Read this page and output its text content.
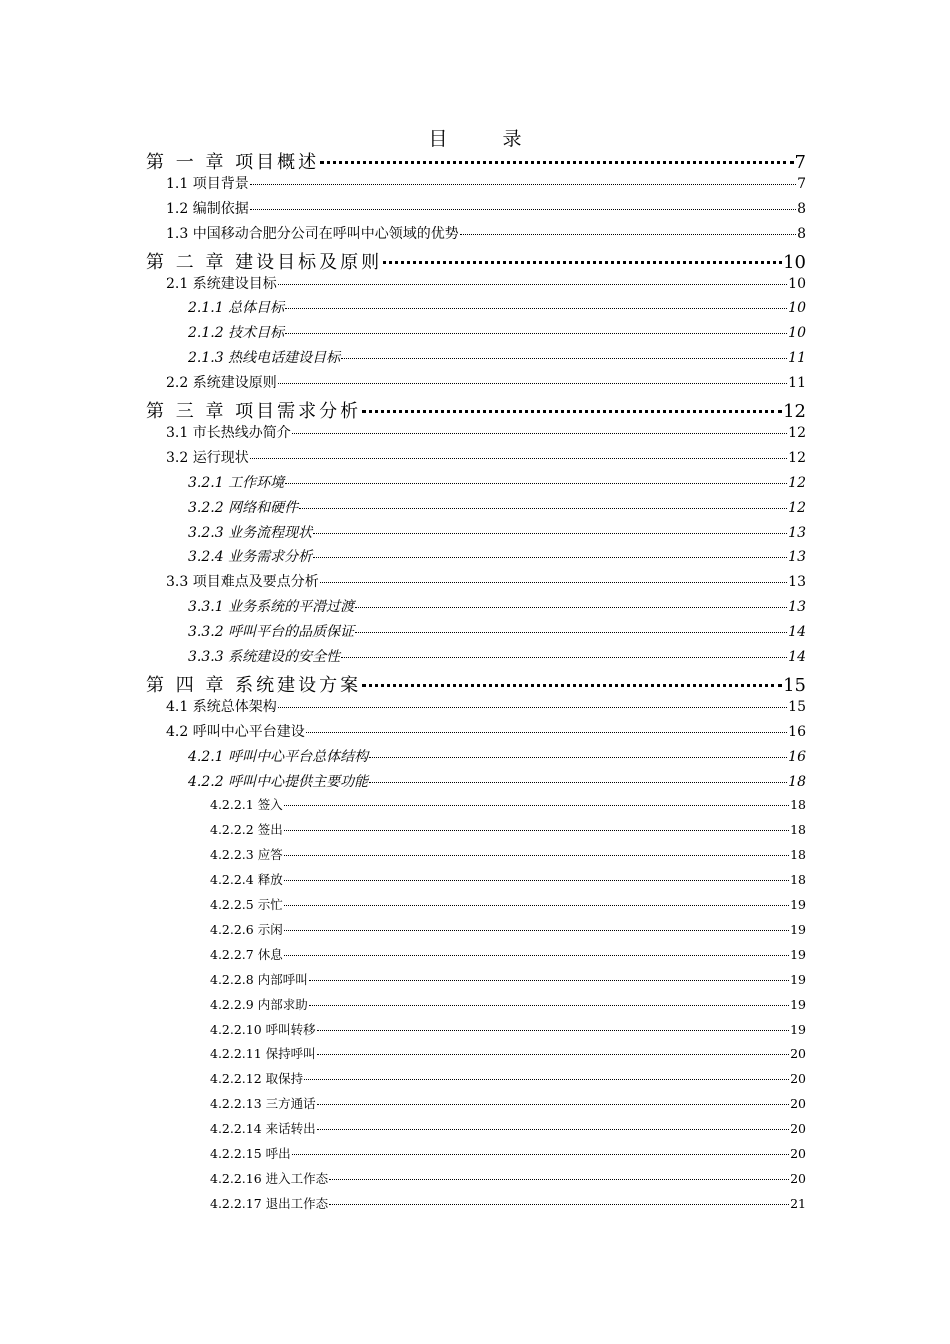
目　录
第 一 章 项目概述	7
1.1 项目背景	7
1.2 编制依据	8
1.3 中国移动合肥分公司在呼叫中心领域的优势	8
第 二 章 建设目标及原则	10
2.1 系统建设目标	10
2.1.1 总体目标	10
2.1.2 技术目标	10
2.1.3 热线电话建设目标	11
2.2 系统建设原则	11
第 三 章 项目需求分析	12
3.1 市长热线办简介	12
3.2 运行现状	12
3.2.1 工作环境	12
3.2.2 网络和硬件	12
3.2.3 业务流程现状	13
3.2.4 业务需求分析	13
3.3 项目难点及要点分析	13
3.3.1 业务系统的平滑过渡	13
3.3.2 呼叫平台的品质保证	14
3.3.3 系统建设的安全性	14
第 四 章 系统建设方案	15
4.1 系统总体架构	15
4.2 呼叫中心平台建设	16
4.2.1 呼叫中心平台总体结构	16
4.2.2 呼叫中心提供主要功能	18
4.2.2.1 签入	18
4.2.2.2 签出	18
4.2.2.3 应答	18
4.2.2.4 释放	18
4.2.2.5 示忙	19
4.2.2.6 示闲	19
4.2.2.7 休息	19
4.2.2.8 内部呼叫	19
4.2.2.9 内部求助	19
4.2.2.10 呼叫转移	19
4.2.2.11 保持呼叫	20
4.2.2.12 取保持	20
4.2.2.13 三方通话	20
4.2.2.14 来话转出	20
4.2.2.15 呼出	20
4.2.2.16 进入工作态	20
4.2.2.17 退出工作态	21
